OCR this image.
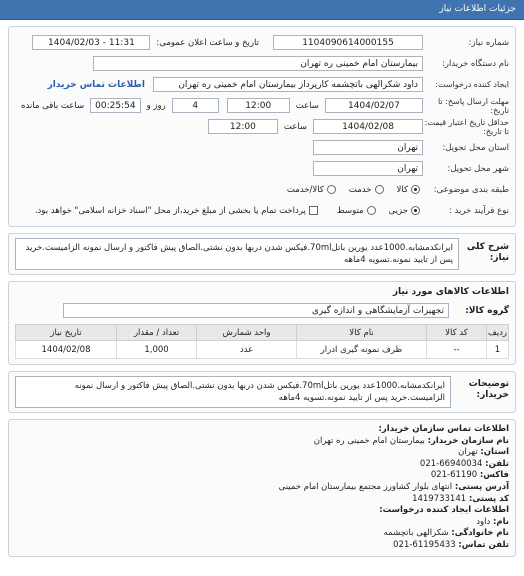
جزئیات اطلاعات نیاز
شماره نیاز:
1104090614000155
تاریخ و ساعت اعلان عمومی:
1404/02/03 - 11:31
نام دستگاه خریدار:
بیمارستان امام خمینی ره تهران
ایجاد کننده درخواست:
داود شکرالهی باتچشمه کارپرداز بیمارستان امام خمینی ره تهران
اطلاعات تماس خریدار
مهلت ارسال پاسخ: تا تاریخ:
1404/02/07
ساعت
12:00
4
روز و
00:25:54
ساعت باقی مانده
حداقل تاریخ اعتبار قیمت: تا تاریخ:
1404/02/08
ساعت
12:00
استان محل تحویل:
تهران
شهر محل تحویل:
تهران
طبقه بندی موضوعی:
کالا
خدمت
کالا/خدمت
نوع فرآیند خرید :
جزیی
متوسط
پرداخت تمام یا بخشی از مبلغ خرید،از محل "اسناد خزانه اسلامی" خواهد بود.
شرح کلی نیاز:
ایرانکدمشابه.1000عدد یورین باتل70ml.فیکس شدن دربها بدون نشتی.الصاق پیش فاکتور و ارسال نمونه الزامیست.خرید پس از تایید نمونه.تسویه 4ماهه
اطلاعات کالاهای مورد نیاز
گروه کالا:
تجهیزات آزمایشگاهی و اندازه گیری
ردیف	کد کالا	نام کالا	واحد شمارش	تعداد / مقدار	تاریخ نیاز
1	--	ظرف نمونه گیری ادرار	عدد	1,000	1404/02/08
توضیحات خریدار:
ایرانکدمشابه.1000عدد یورین باتل70ml.فیکس شدن دربها بدون نشتی.الصاق پیش فاکتور و ارسال نمونه الزامیست.خرید پس از تایید نمونه.تسویه 4ماهه
اطلاعات تماس سازمان خریدار:
نام سازمان خریدار: بیمارستان امام خمینی ره تهران
استان: تهران
تلفن: 021-66940034
فاکس: 021-61190
آدرس پستی: انتهای بلوار کشاورز مجتمع بیمارستان امام خمینی
کد پستی: 1419733141
اطلاعات ایجاد کننده درخواست:
نام: داود
نام خانوادگی: شکرالهی باتچشمه
تلفن تماس: 021-61195433
